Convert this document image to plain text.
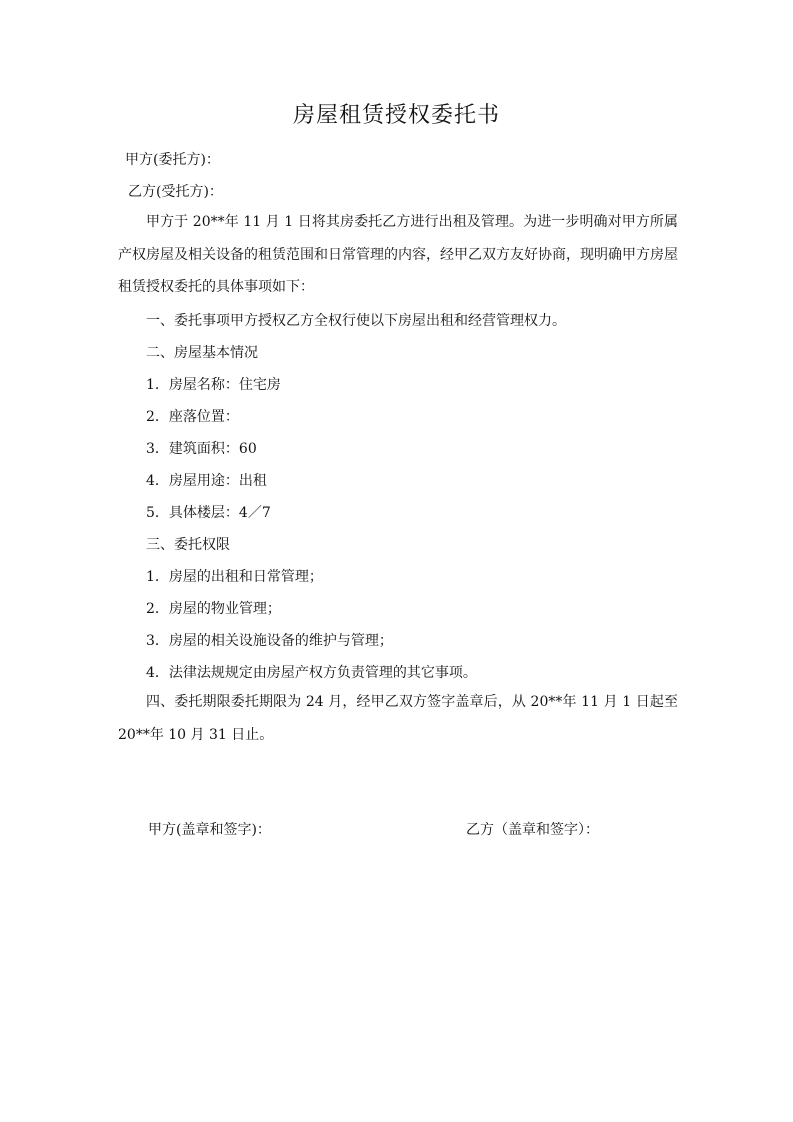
房屋租赁授权委托书
甲方(委托方)：
乙方(受托方)：
甲方于 20**年 11 月 1 日将其房委托乙方进行出租及管理。为进一步明确对甲方所属产权房屋及相关设备的租赁范围和日常管理的内容，经甲乙双方友好协商，现明确甲方房屋租赁授权委托的具体事项如下：
一、委托事项甲方授权乙方全权行使以下房屋出租和经营管理权力。
二、房屋基本情况
1．房屋名称：住宅房
2．座落位置：
3．建筑面积：60
4．房屋用途：出租
5．具体楼层：4／7
三、委托权限
1．房屋的出租和日常管理；
2．房屋的物业管理；
3．房屋的相关设施设备的维护与管理；
4．法律法规规定由房屋产权方负责管理的其它事项。
四、委托期限委托期限为 24 月，经甲乙双方签字盖章后，从 20**年 11 月 1 日起至 20**年 10 月 31 日止。
甲方(盖章和签字)：	乙方（盖章和签字）：
